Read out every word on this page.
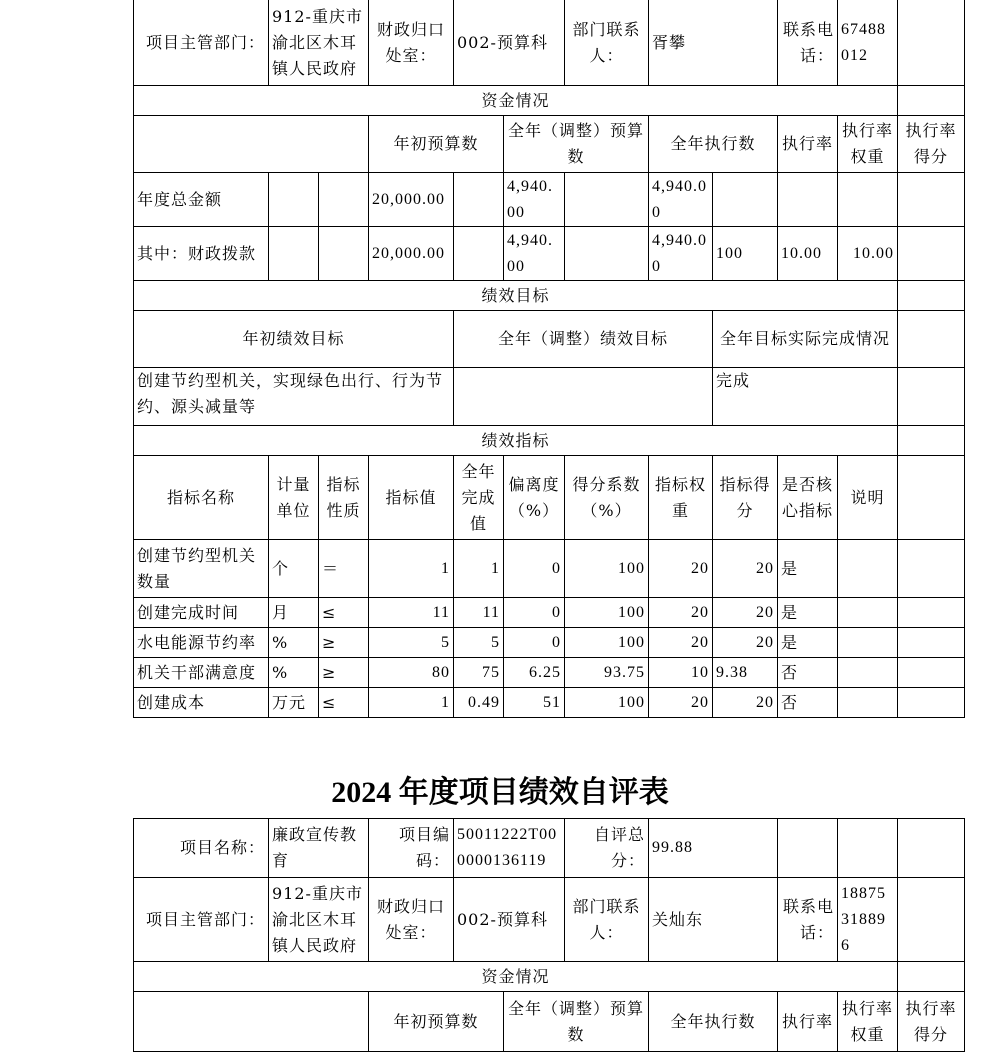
项目主管部门：	912-重庆市渝北区木耳镇人民政府		财政归口处室：	002-预算科		部门联系人：	胥攀		联系电话：	67488012	
资金情况											
			年初预算数		全年（调整）预算数		全年执行数		执行率	执行率权重	执行率得分
年度总金额			20,000.00		4,940.00		4,940.00				
其中：财政拨款			20,000.00		4,940.00		4,940.00	100	10.00	10.00	
绩效目标											
年初绩效目标				全年（调整）绩效目标				全年目标实际完成情况			
创建节约型机关，实现绿色出行、行为节约、源头减量等								完成			
绩效指标											
指标名称	计量单位	指标性质	指标值	全年完成值	偏离度（%）	得分系数（%）	指标权重	指标得分	是否核心指标	说明	
创建节约型机关数量	个	＝	1	1	0	100	20	20	是		
创建完成时间	月	≤	11	11	0	100	20	20	是		
水电能源节约率	%	≥	5	5	0	100	20	20	是		
机关干部满意度	%	≥	80	75	6.25	93.75	10	9.38	否		
创建成本	万元	≤	1	0.49	51	100	20	20	否		
2024 年度项目绩效自评表
项目名称：	廉政宣传教育	项目编码：	50011222T000000136119		自评总分：	99.88			
项目主管部门：	912-重庆市渝北区木耳镇人民政府	财政归口处室：	002-预算科		部门联系人：	关灿东	联系电话：	18875318896	
资金情况									
		年初预算数		全年（调整）预算数		全年执行数	执行率	执行率权重	执行率得分
